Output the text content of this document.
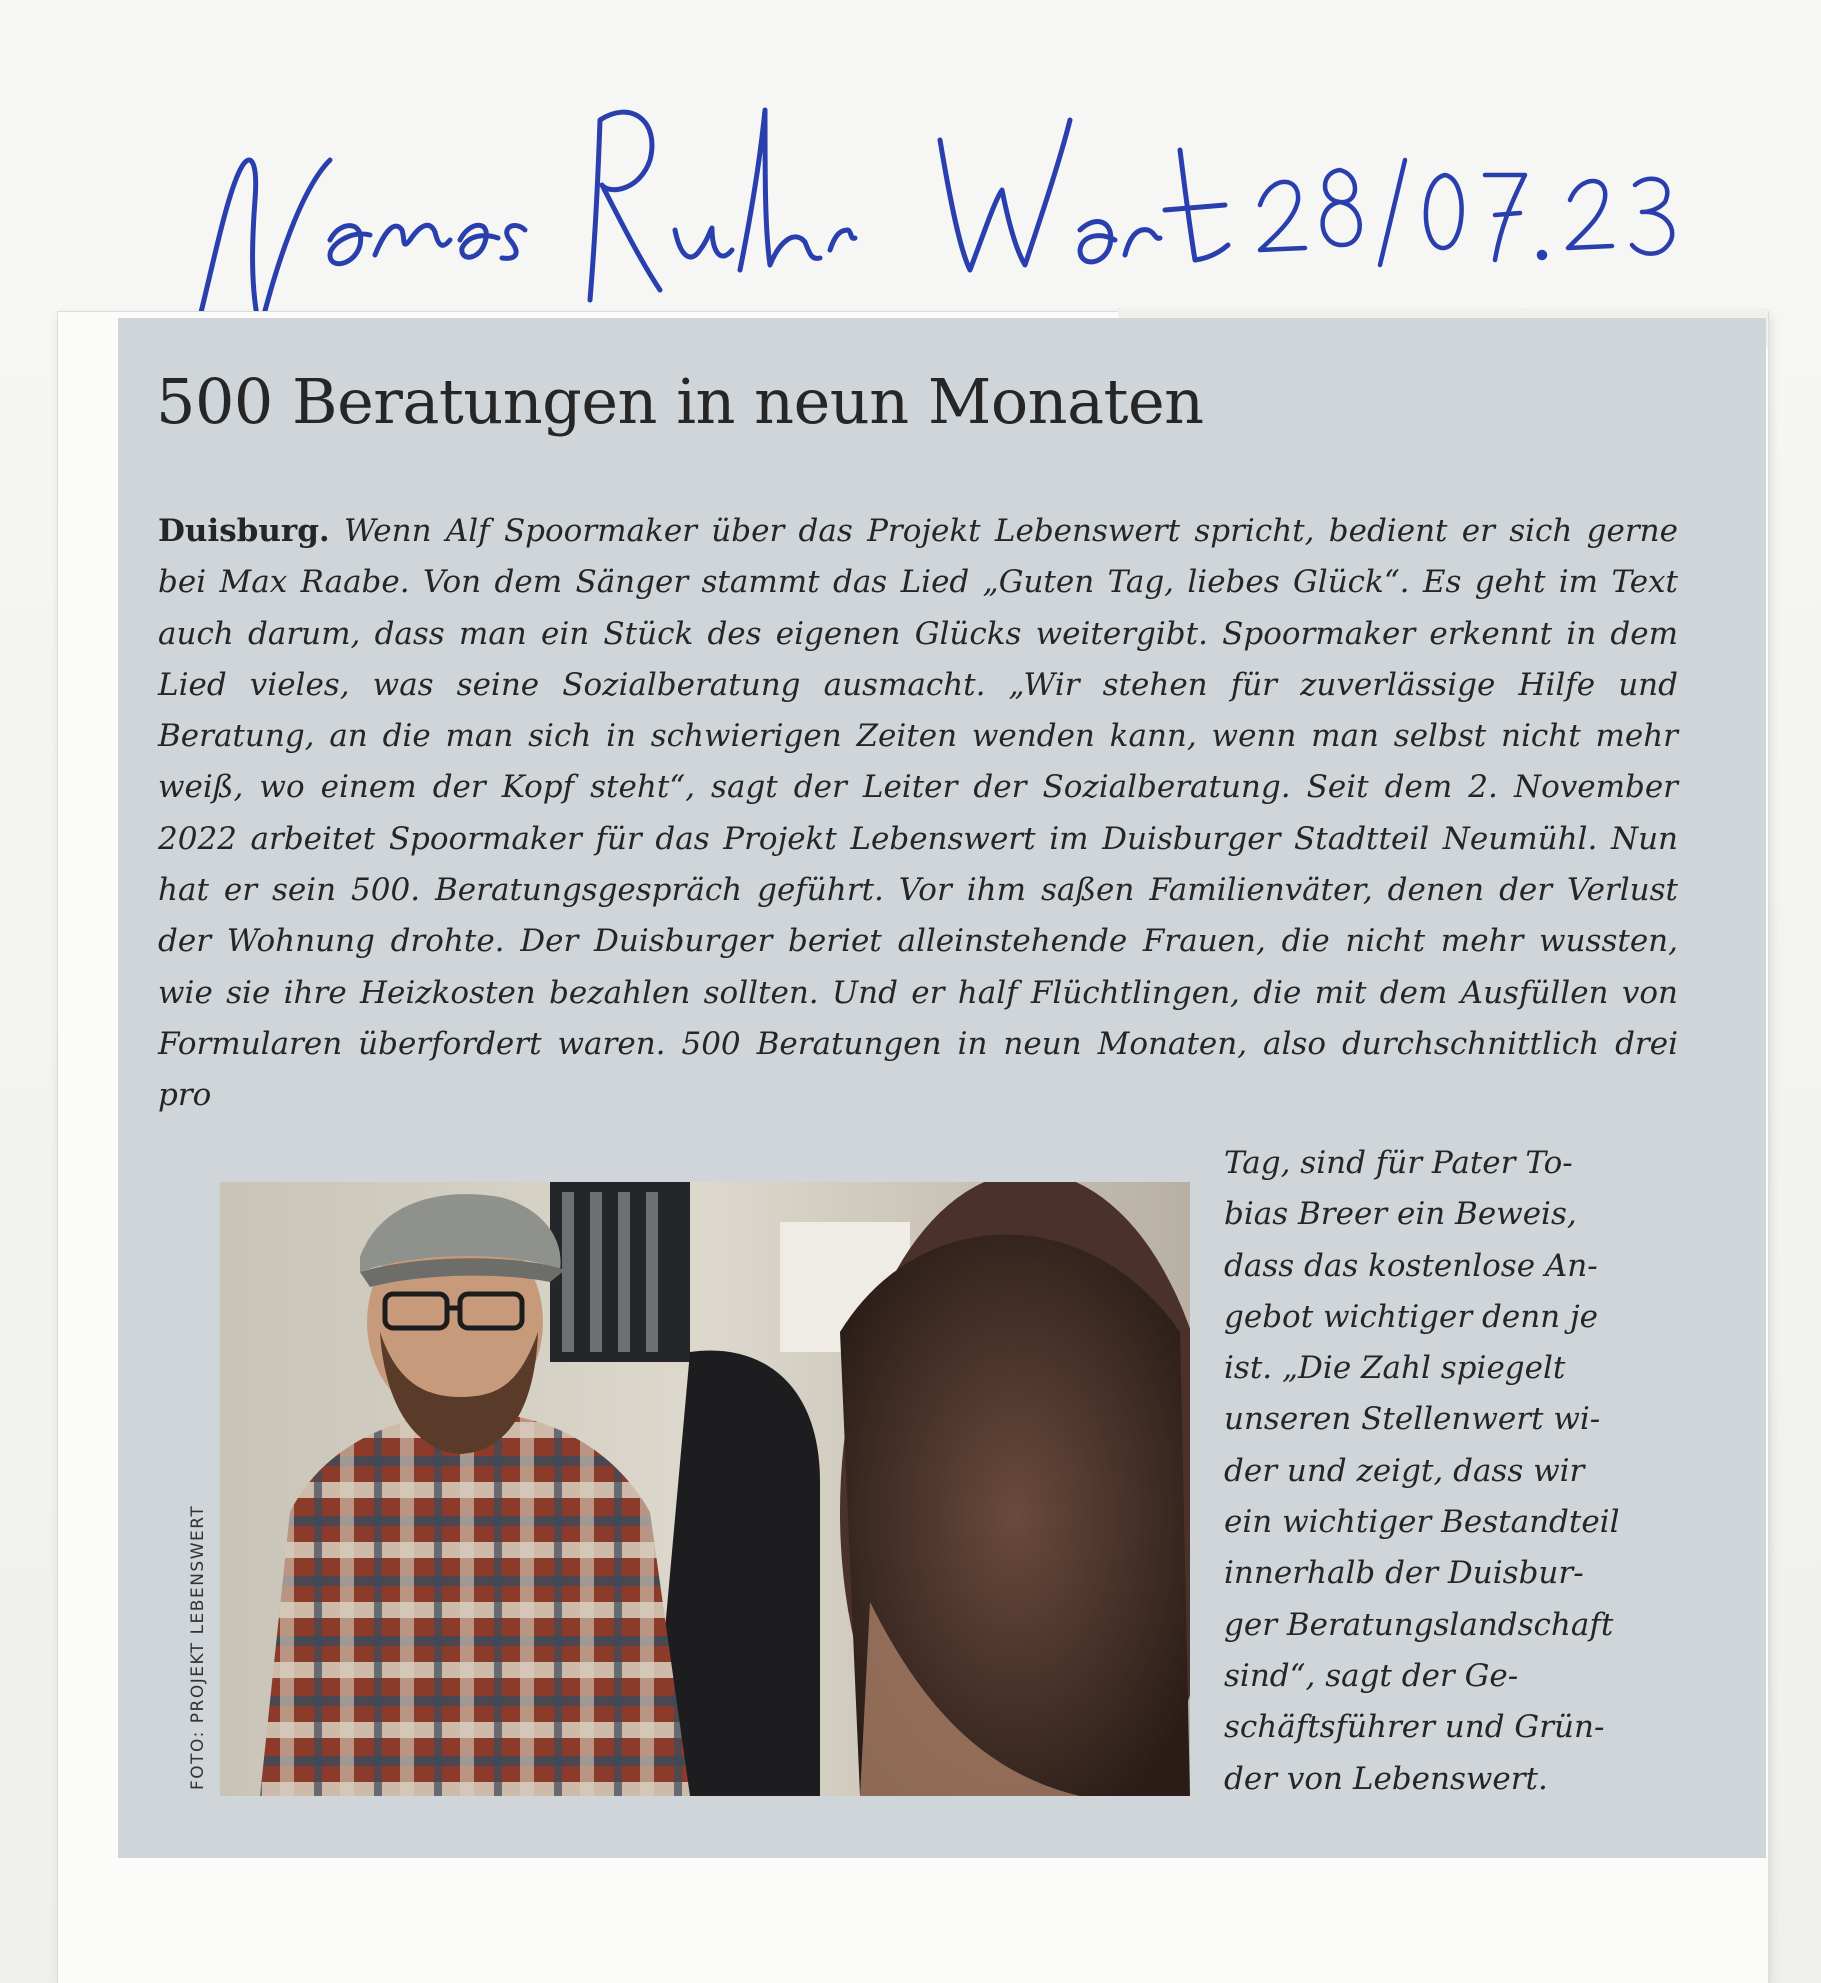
500 Beratungen in neun Monaten

Duisburg. Wenn Alf Spoormaker über das Projekt Lebenswert spricht, bedient er sich gerne bei Max Raabe. Von dem Sänger stammt das Lied „Guten Tag, liebes Glück“. Es geht im Text auch darum, dass man ein Stück des eigenen Glücks weitergibt. Spoormaker erkennt in dem Lied vieles, was seine Sozialberatung ausmacht. „Wir stehen für zuverlässige Hilfe und Beratung, an die man sich in schwierigen Zeiten wenden kann, wenn man selbst nicht mehr weiß, wo einem der Kopf steht“, sagt der Leiter der Sozialberatung. Seit dem 2. November 2022 arbeitet Spoormaker für das Projekt Lebenswert im Duisburger Stadtteil Neumühl. Nun hat er sein 500. Beratungsgespräch geführt. Vor ihm saßen Familienväter, denen der Verlust der Wohnung drohte. Der Duisburger beriet alleinstehende Frauen, die nicht mehr wussten, wie sie ihre Heizkosten bezahlen sollten. Und er half Flüchtlingen, die mit dem Ausfüllen von Formularen überfordert waren. 500 Beratungen in neun Monaten, also durchschnittlich drei pro

Tag, sind für Pater To-
bias Breer ein Beweis,
dass das kostenlose An-
gebot wichtiger denn je
ist. „Die Zahl spiegelt
unseren Stellenwert wi-
der und zeigt, dass wir
ein wichtiger Bestandteil
innerhalb der Duisbur-
ger Beratungslandschaft
sind“, sagt der Ge-
schäftsführer und Grün-
der von Lebenswert.

FOTO: PROJEKT LEBENSWERT
